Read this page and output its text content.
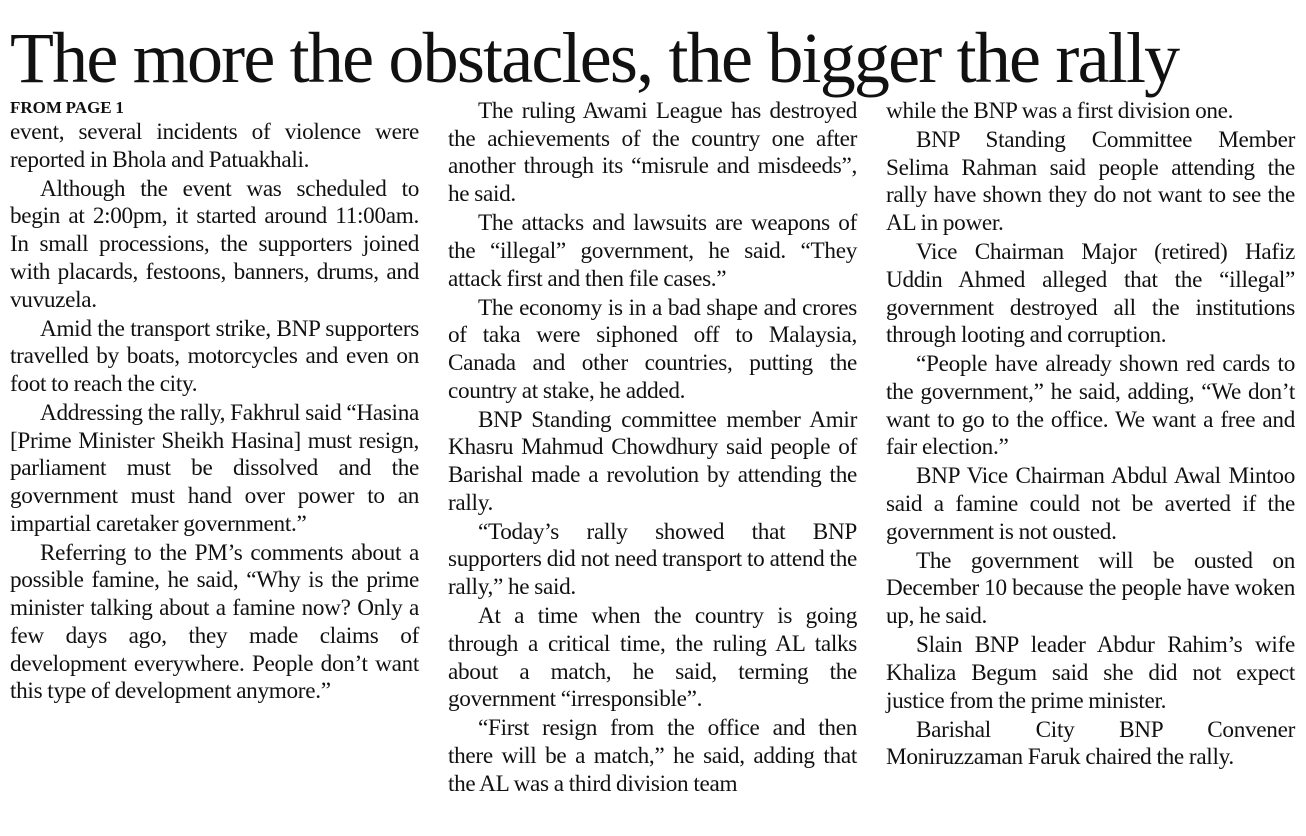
The more the obstacles, the bigger the rally
FROM PAGE 1

event, several incidents of violence were reported in Bhola and Patuakhali.

Although the event was scheduled to begin at 2:00pm, it started around 11:00am. In small processions, the supporters joined with placards, festoons, banners, drums, and vuvuzela.

Amid the transport strike, BNP supporters travelled by boats, motorcycles and even on foot to reach the city.

Addressing the rally, Fakhrul said “Hasina [Prime Minister Sheikh Hasina] must resign, parliament must be dissolved and the government must hand over power to an impartial caretaker government.”

Referring to the PM’s comments about a possible famine, he said, “Why is the prime minister talking about a famine now? Only a few days ago, they made claims of development everywhere. People don’t want this type of development anymore.”

The ruling Awami League has destroyed the achievements of the country one after another through its “misrule and misdeeds”, he said.

The attacks and lawsuits are weapons of the “illegal” government, he said. “They attack first and then file cases.”

The economy is in a bad shape and crores of taka were siphoned off to Malaysia, Canada and other countries, putting the country at stake, he added.

BNP Standing committee member Amir Khasru Mahmud Chowdhury said people of Barishal made a revolution by attending the rally.

“Today’s rally showed that BNP supporters did not need transport to attend the rally,” he said.

At a time when the country is going through a critical time, the ruling AL talks about a match, he said, terming the government “irresponsible”.

“First resign from the office and then there will be a match,” he said, adding that the AL was a third division team

while the BNP was a first division one.

BNP Standing Committee Member Selima Rahman said people attending the rally have shown they do not want to see the AL in power.

Vice Chairman Major (retired) Hafiz Uddin Ahmed alleged that the “illegal” government destroyed all the institutions through looting and corruption.

“People have already shown red cards to the government,” he said, adding, “We don’t want to go to the office. We want a free and fair election.”

BNP Vice Chairman Abdul Awal Mintoo said a famine could not be averted if the government is not ousted.

The government will be ousted on December 10 because the people have woken up, he said.

Slain BNP leader Abdur Rahim’s wife Khaliza Begum said she did not expect justice from the prime minister.

Barishal City BNP Convener Moniruzzaman Faruk chaired the rally.
